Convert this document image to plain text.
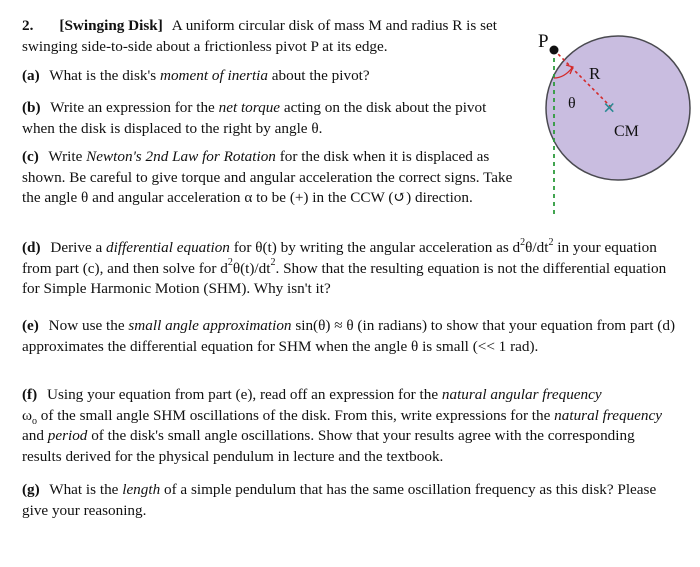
2. [Swinging Disk] A uniform circular disk of mass M and radius R is set swinging side-to-side about a frictionless pivot P at its edge.

(a) What is the disk's moment of inertia about the pivot?

(b) Write an expression for the net torque acting on the disk about the pivot when the disk is displaced to the right by angle θ.

(c) Write Newton's 2nd Law for Rotation for the disk when it is displaced as shown. Be careful to give torque and angular acceleration the correct signs. Take the angle θ and angular acceleration α to be (+) in the CCW (↺) direction.

(d) Derive a differential equation for θ(t) by writing the angular acceleration as $d^2\theta/dt^2$ in your equation from part (c), and then solve for $d^2\theta(t)/dt^2$. Show that the resulting equation is not the differential equation for Simple Harmonic Motion (SHM). Why isn't it?

(e) Now use the small angle approximation sin(θ) ≈ θ (in radians) to show that your equation from part (d) approximates the differential equation for SHM when the angle θ is small (<< 1 rad).

(f) Using your equation from part (e), read off an expression for the natural angular frequency
$\omega_o$ of the small angle SHM oscillations of the disk. From this, write expressions for the natural frequency and period of the disk's small angle oscillations. Show that your results agree with the corresponding results derived for the physical pendulum in lecture and the textbook.

(g) What is the length of a simple pendulum that has the same oscillation frequency as this disk? Please give your reasoning.

P
R
θ ×
CM
